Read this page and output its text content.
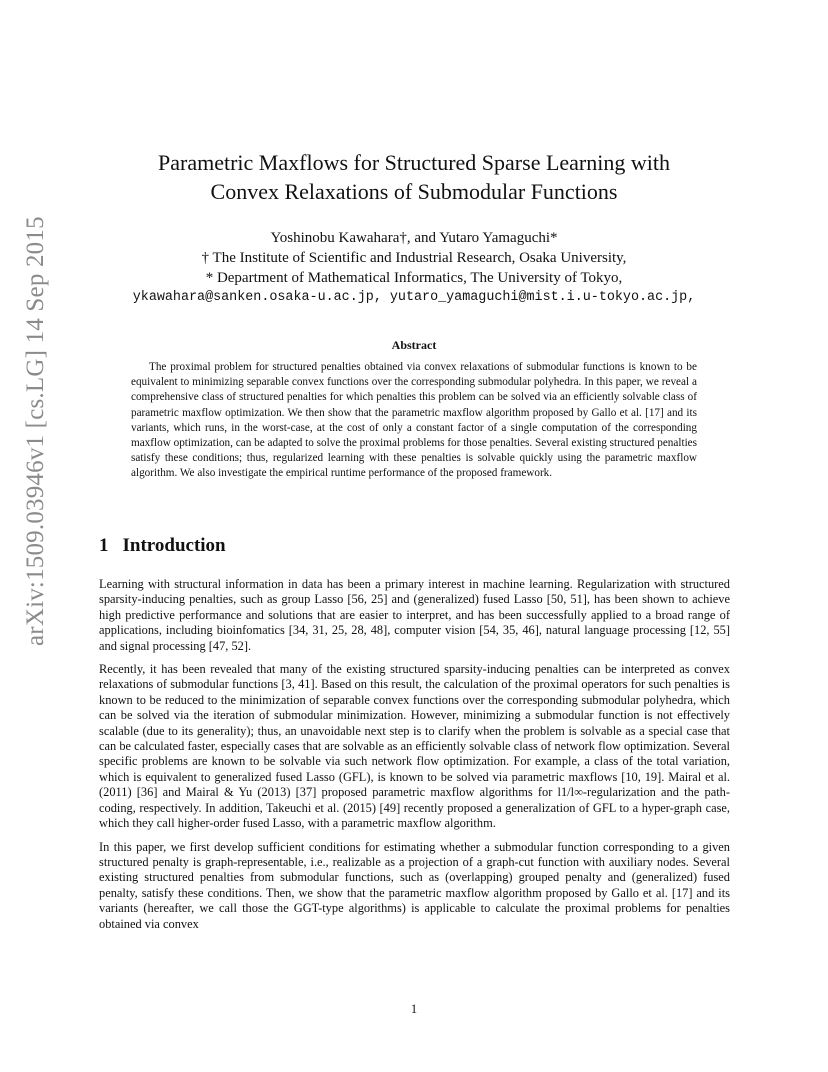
arXiv:1509.03946v1 [cs.LG] 14 Sep 2015
Parametric Maxflows for Structured Sparse Learning with
Convex Relaxations of Submodular Functions
Yoshinobu Kawahara†, and Yutaro Yamaguchi*
† The Institute of Scientific and Industrial Research, Osaka University,
* Department of Mathematical Informatics, The University of Tokyo,
ykawahara@sanken.osaka-u.ac.jp, yutaro_yamaguchi@mist.i.u-tokyo.ac.jp,
Abstract
The proximal problem for structured penalties obtained via convex relaxations of submodular functions is known to be equivalent to minimizing separable convex functions over the corresponding submodular polyhedra. In this paper, we reveal a comprehensive class of structured penalties for which penalties this problem can be solved via an efficiently solvable class of parametric maxflow optimization. We then show that the parametric maxflow algorithm proposed by Gallo et al. [17] and its variants, which runs, in the worst-case, at the cost of only a constant factor of a single computation of the corresponding maxflow optimization, can be adapted to solve the proximal problems for those penalties. Several existing structured penalties satisfy these conditions; thus, regularized learning with these penalties is solvable quickly using the parametric maxflow algorithm. We also investigate the empirical runtime performance of the proposed framework.
1 Introduction

Learning with structural information in data has been a primary interest in machine learning. Regularization with structured sparsity-inducing penalties, such as group Lasso [56, 25] and (generalized) fused Lasso [50, 51], has been shown to achieve high predictive performance and solutions that are easier to interpret, and has been successfully applied to a broad range of applications, including bioinfomatics [34, 31, 25, 28, 48], computer vision [54, 35, 46], natural language processing [12, 55] and signal processing [47, 52].

Recently, it has been revealed that many of the existing structured sparsity-inducing penalties can be interpreted as convex relaxations of submodular functions [3, 41]. Based on this result, the calculation of the proximal operators for such penalties is known to be reduced to the minimization of separable convex functions over the corresponding submodular polyhedra, which can be solved via the iteration of submodular minimization. However, minimizing a submodular function is not effectively scalable (due to its generality); thus, an unavoidable next step is to clarify when the problem is solvable as a special case that can be calculated faster, especially cases that are solvable as an efficiently solvable class of network flow optimization. Several specific problems are known to be solvable via such network flow optimization. For example, a class of the total variation, which is equivalent to generalized fused Lasso (GFL), is known to be solved via parametric maxflows [10, 19]. Mairal et al. (2011) [36] and Mairal & Yu (2013) [37] proposed parametric maxflow algorithms for l1/l∞-regularization and the path-coding, respectively. In addition, Takeuchi et al. (2015) [49] recently proposed a generalization of GFL to a hyper-graph case, which they call higher-order fused Lasso, with a parametric maxflow algorithm.

In this paper, we first develop sufficient conditions for estimating whether a submodular function corresponding to a given structured penalty is graph-representable, i.e., realizable as a projection of a graph-cut function with auxiliary nodes. Several existing structured penalties from submodular functions, such as (overlapping) grouped penalty and (generalized) fused penalty, satisfy these conditions. Then, we show that the parametric maxflow algorithm proposed by Gallo et al. [17] and its variants (hereafter, we call those the GGT-type algorithms) is applicable to calculate the proximal problems for penalties obtained via convex

1
